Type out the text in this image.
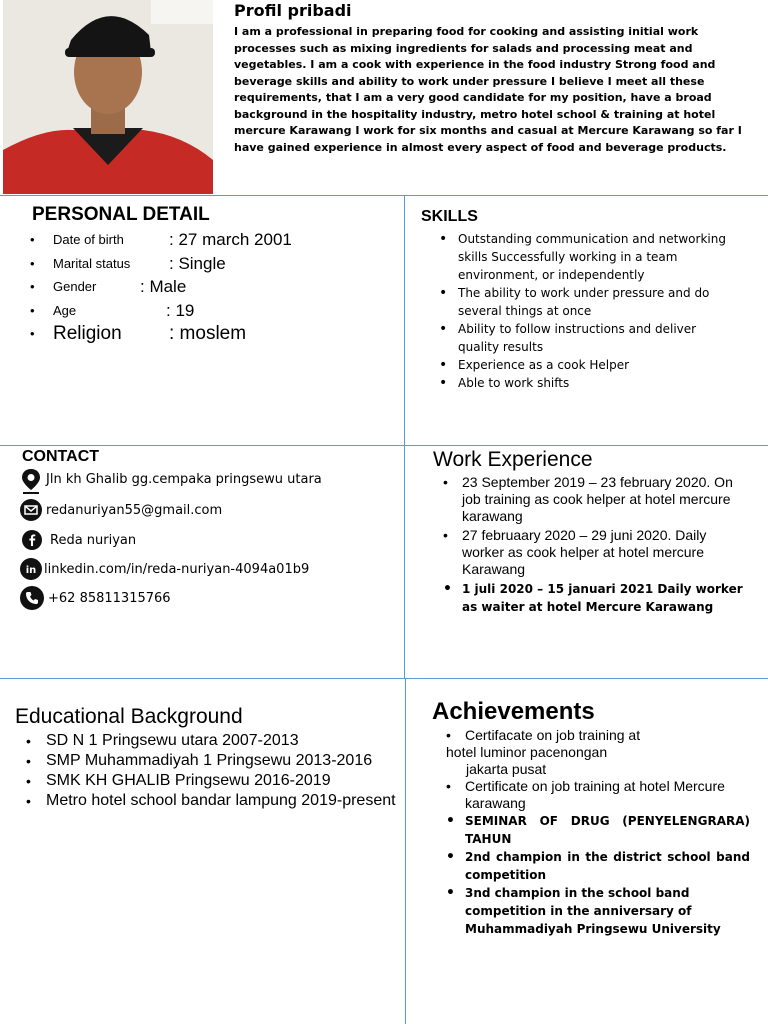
Profil pribadi
I am a professional in preparing food for cooking and assisting initial work processes such as mixing ingredients for salads and processing meat and vegetables. I am a cook with experience in the food industry Strong food and beverage skills and ability to work under pressure I believe I meet all these requirements, that I am a very good candidate for my position, have a broad background in the hospitality industry, metro hotel school & training at hotel mercure Karawang I work for six months and casual at Mercure Karawang so far I have gained experience in almost every aspect of food and beverage products.
PERSONAL DETAIL
• Date of birth	: 27 march 2001
• Marital status : Single
• Gender	: Male
• Age	: 19
• Religion : moslem
SKILLS
• Outstanding communication and networking skills Successfully working in a team environment, or independently
• The ability to work under pressure and do several things at once
• Ability to follow instructions and deliver quality results
• Experience as a cook Helper
• Able to work shifts
CONTACT
Jln kh Ghalib gg.cempaka pringsewu utara
redanuriyan55@gmail.com
Reda nuriyan
in linkedin.com/in/reda-nuriyan-4094a01b9
+62 85811315766
Work Experience
• 23 September 2019 – 23 february 2020. On job training as cook helper at hotel mercure karawang
• 27 februaary 2020 – 29 juni 2020. Daily worker as cook helper at hotel mercure Karawang
• 1 juli 2020 – 15 januari 2021 Daily worker as waiter at hotel Mercure Karawang
Educational Background
• SD N 1 Pringsewu utara 2007-2013
• SMP Muhammadiyah 1 Pringsewu 2013-2016
• SMK KH GHALIB Pringsewu 2016-2019
• Metro hotel school bandar lampung 2019-present
Achievements
• Certifacate on job training at
hotel luminor pacenongan
jakarta pusat
• Certificate on job training at hotel Mercure karawang
• SEMINAR OF DRUG (PENYELENGRARA) TAHUN
• 2nd champion in the district school band competition
• 3nd champion in the school band competition in the anniversary of Muhammadiyah Pringsewu University
